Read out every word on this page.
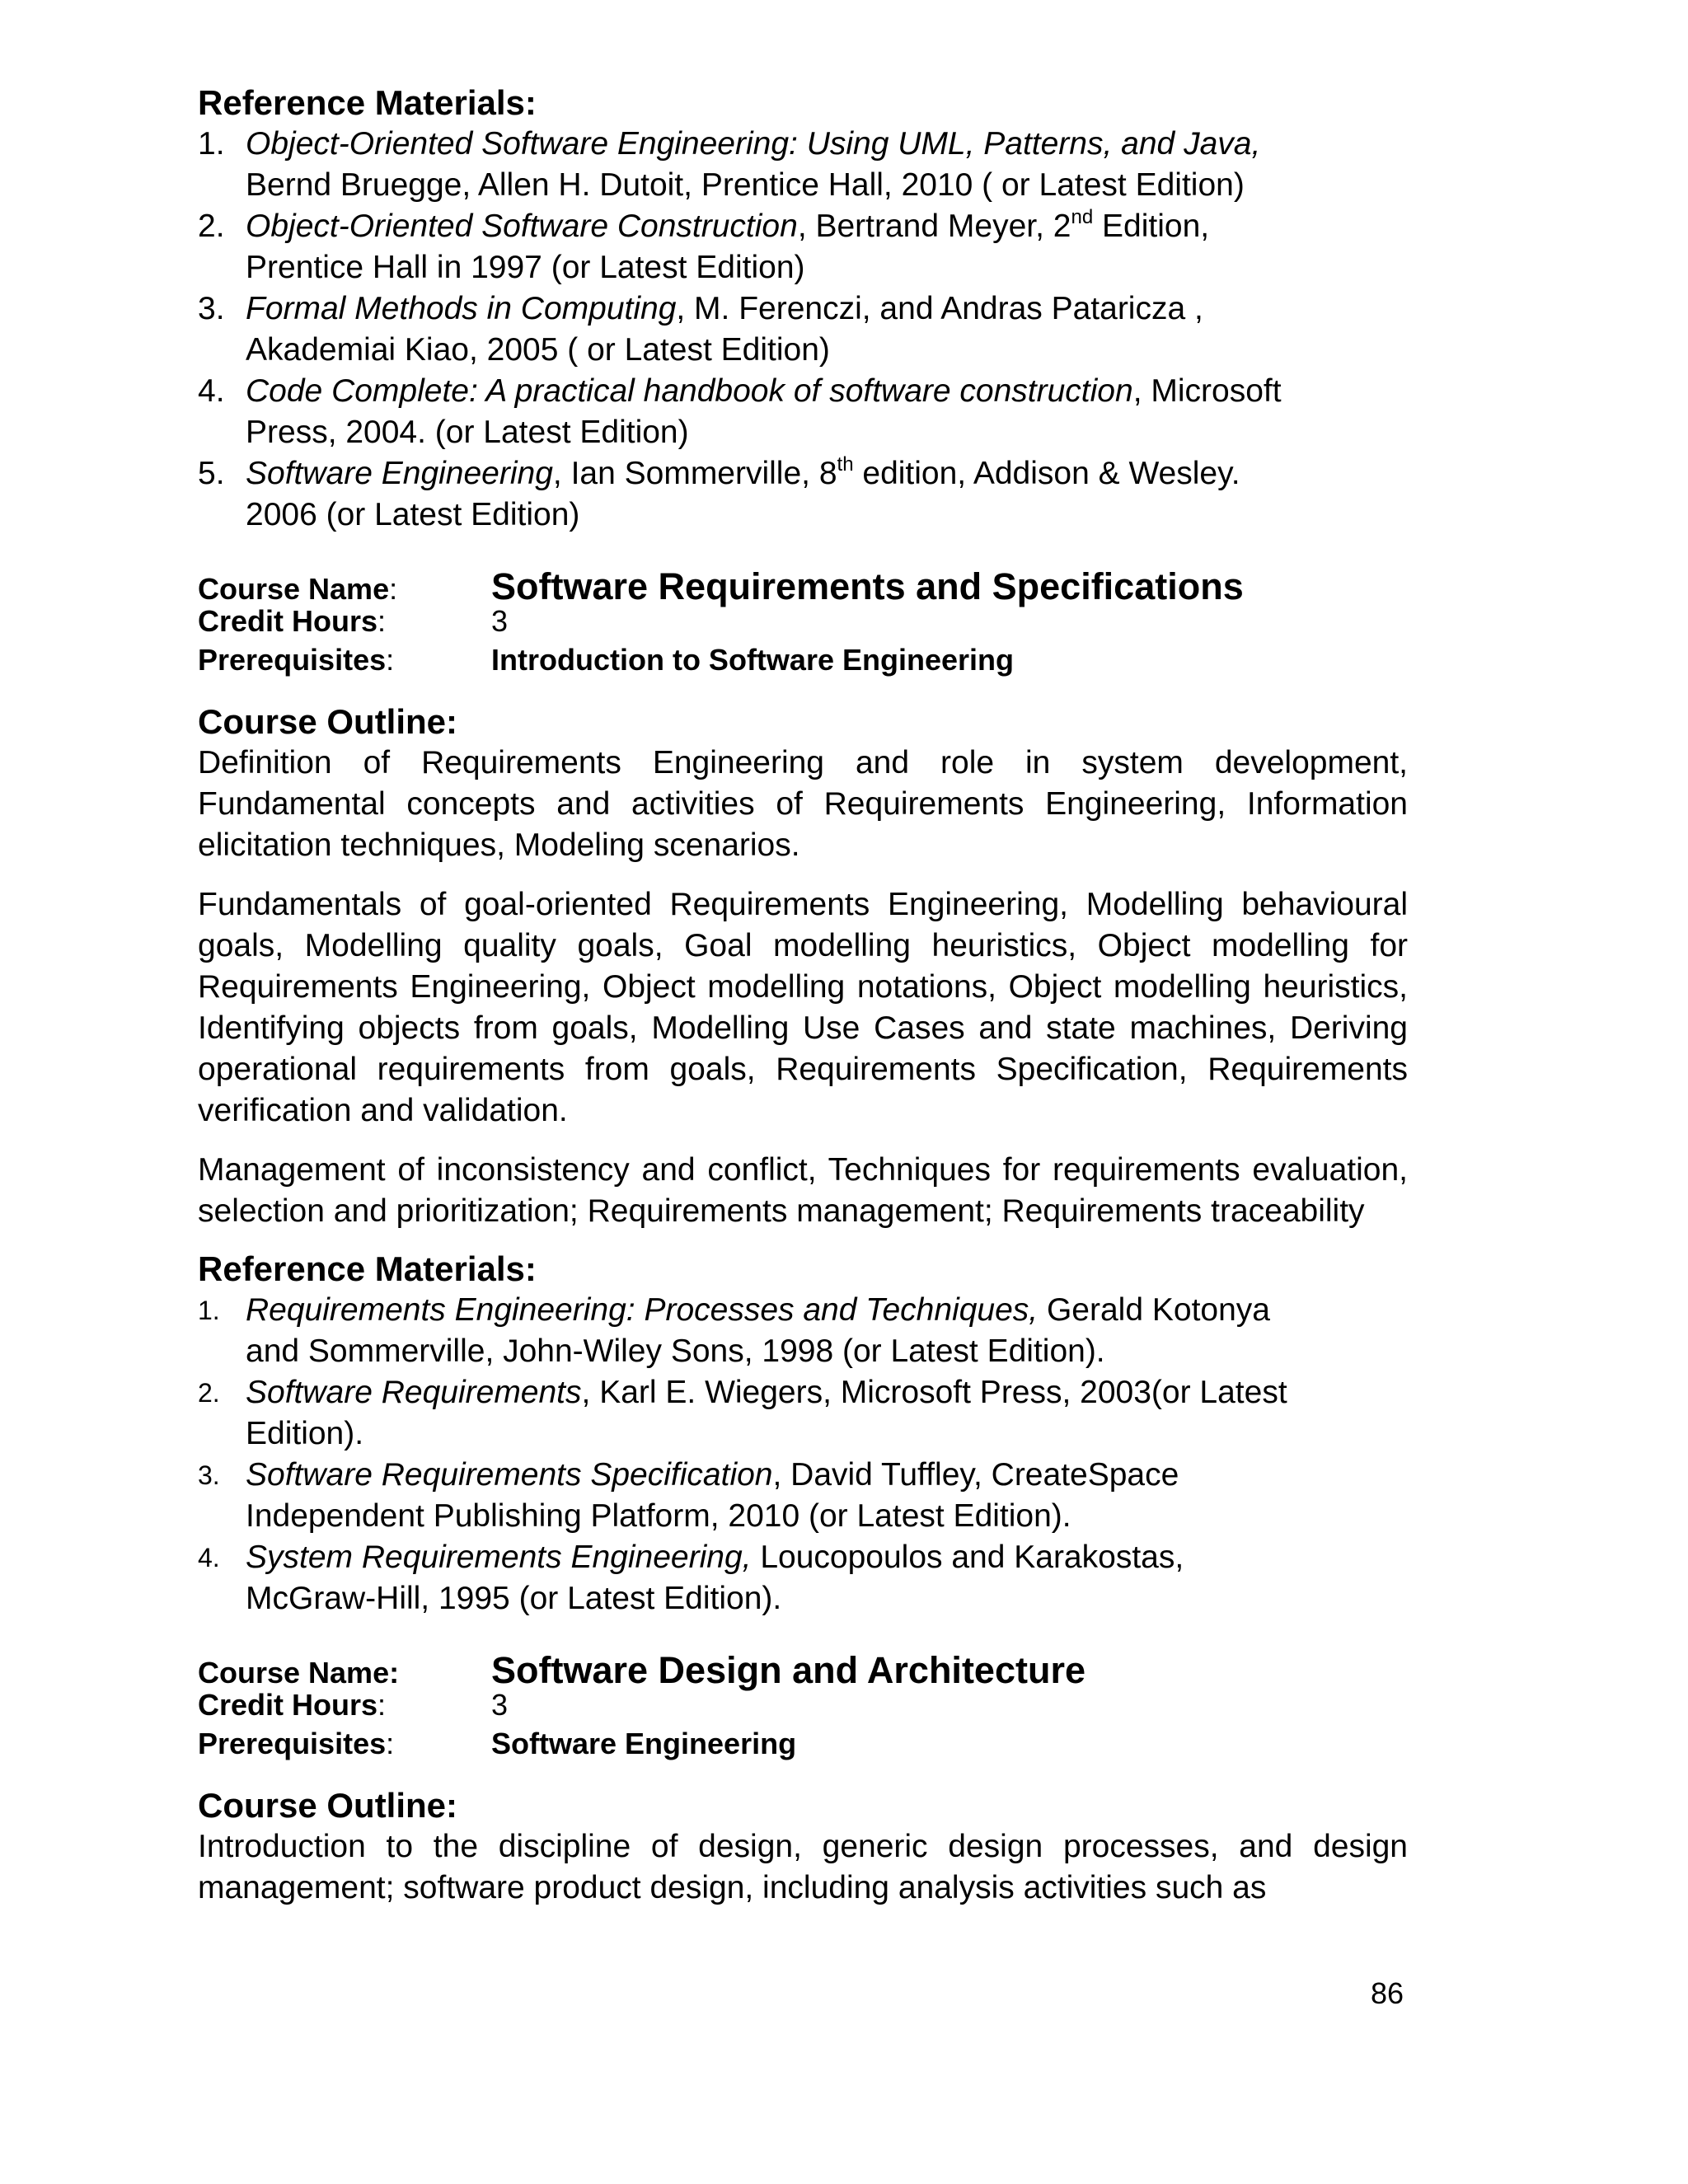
Reference Materials:
1. Object-Oriented Software Engineering: Using UML, Patterns, and Java,
Bernd Bruegge, Allen H. Dutoit, Prentice Hall, 2010 ( or Latest Edition)
2. Object-Oriented Software Construction, Bertrand Meyer, 2nd Edition,
Prentice Hall in 1997 (or Latest Edition)
3. Formal Methods in Computing, M. Ferenczi, and Andras Pataricza ,
Akademiai Kiao, 2005 ( or Latest Edition)
4. Code Complete: A practical handbook of software construction, Microsoft
Press, 2004. (or Latest Edition)
5. Software Engineering, Ian Sommerville, 8th edition, Addison & Wesley.
2006 (or Latest Edition)
Course Name:	Software Requirements and Specifications
Credit Hours:	3
Prerequisites:	Introduction to Software Engineering
Course Outline:

Definition of Requirements Engineering and role in system development, Fundamental concepts and activities of Requirements Engineering, Information elicitation techniques, Modeling scenarios.

Fundamentals of goal-oriented Requirements Engineering, Modelling behavioural goals, Modelling quality goals, Goal modelling heuristics, Object modelling for Requirements Engineering, Object modelling notations, Object modelling heuristics, Identifying objects from goals, Modelling Use Cases and state machines, Deriving operational requirements from goals, Requirements Specification, Requirements verification and validation.

Management of inconsistency and conflict, Techniques for requirements evaluation, selection and prioritization; Requirements management; Requirements traceability

Reference Materials:
1. Requirements Engineering: Processes and Techniques, Gerald Kotonya
and Sommerville, John-Wiley Sons, 1998 (or Latest Edition).
2. Software Requirements, Karl E. Wiegers, Microsoft Press, 2003(or Latest
Edition).
3. Software Requirements Specification, David Tuffley, CreateSpace
Independent Publishing Platform, 2010 (or Latest Edition).
4. System Requirements Engineering, Loucopoulos and Karakostas,
McGraw-Hill, 1995 (or Latest Edition).
Course Name:	Software Design and Architecture
Credit Hours:	3
Prerequisites:	Software Engineering
Course Outline:

Introduction to the discipline of design, generic design processes, and design management; software product design, including analysis activities such as

86
